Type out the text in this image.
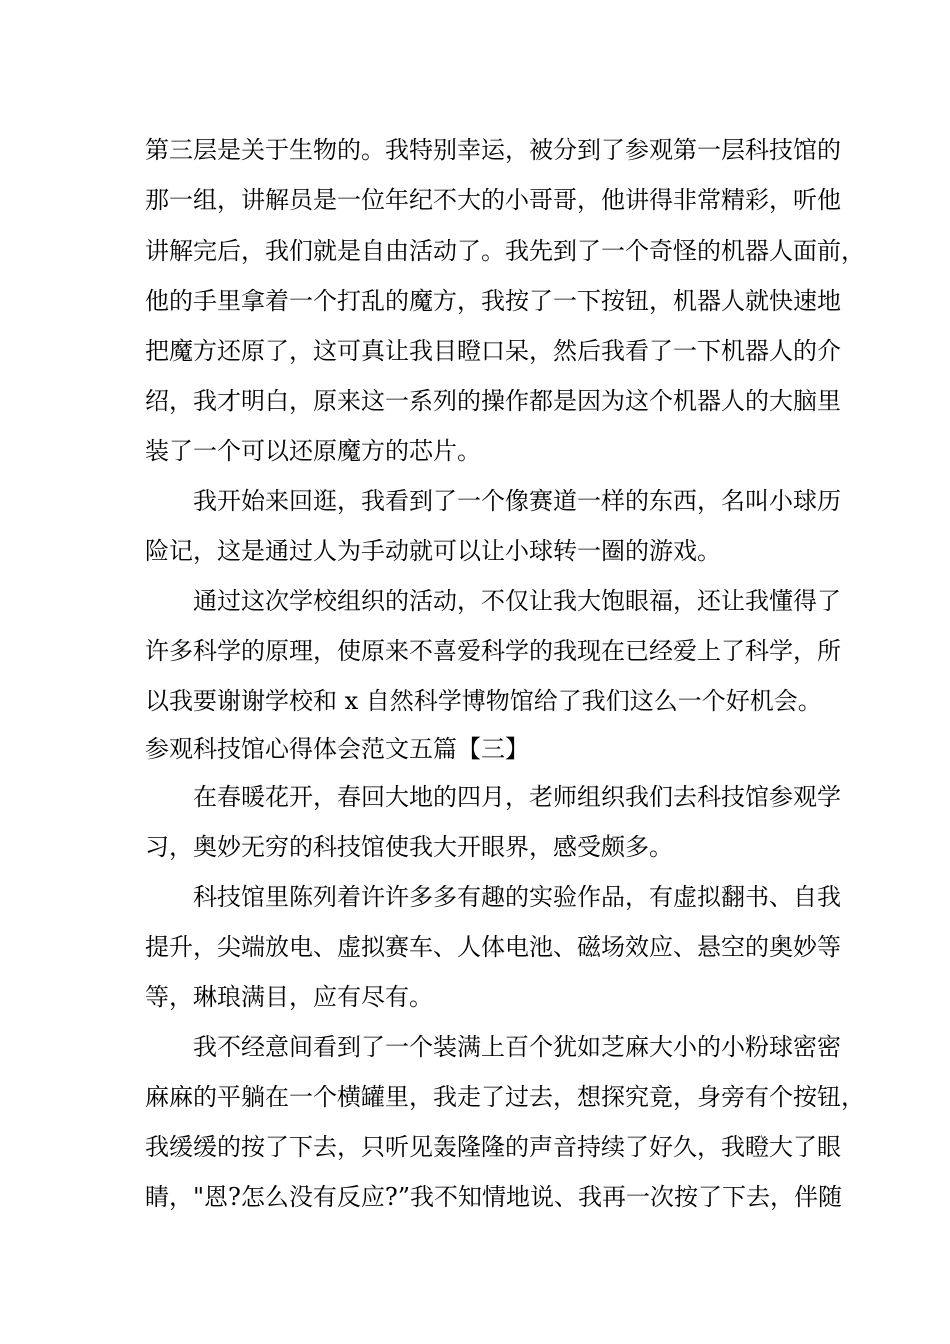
第三层是关于生物的。我特别幸运，被分到了参观第一层科技馆的
那一组，讲解员是一位年纪不大的小哥哥，他讲得非常精彩，听他
讲解完后，我们就是自由活动了。我先到了一个奇怪的机器人面前，
他的手里拿着一个打乱的魔方，我按了一下按钮，机器人就快速地
把魔方还原了，这可真让我目瞪口呆，然后我看了一下机器人的介
绍，我才明白，原来这一系列的操作都是因为这个机器人的大脑里
装了一个可以还原魔方的芯片。
我开始来回逛，我看到了一个像赛道一样的东西，名叫小球历
险记，这是通过人为手动就可以让小球转一圈的游戏。
通过这次学校组织的活动，不仅让我大饱眼福，还让我懂得了
许多科学的原理，使原来不喜爱科学的我现在已经爱上了科学，所
以我要谢谢学校和 x 自然科学博物馆给了我们这么一个好机会。
参观科技馆心得体会范文五篇【三】
在春暖花开，春回大地的四月，老师组织我们去科技馆参观学
习，奥妙无穷的科技馆使我大开眼界，感受颇多。
科技馆里陈列着许许多多有趣的实验作品，有虚拟翻书、自我
提升，尖端放电、虚拟赛车、人体电池、磁场效应、悬空的奥妙等
等，琳琅满目，应有尽有。
我不经意间看到了一个装满上百个犹如芝麻大小的小粉球密密
麻麻的平躺在一个横罐里，我走了过去，想探究竟，身旁有个按钮，
我缓缓的按了下去，只听见轰隆隆的声音持续了好久，我瞪大了眼
睛，"恩?怎么没有反应?”我不知情地说、我再一次按了下去，伴随
